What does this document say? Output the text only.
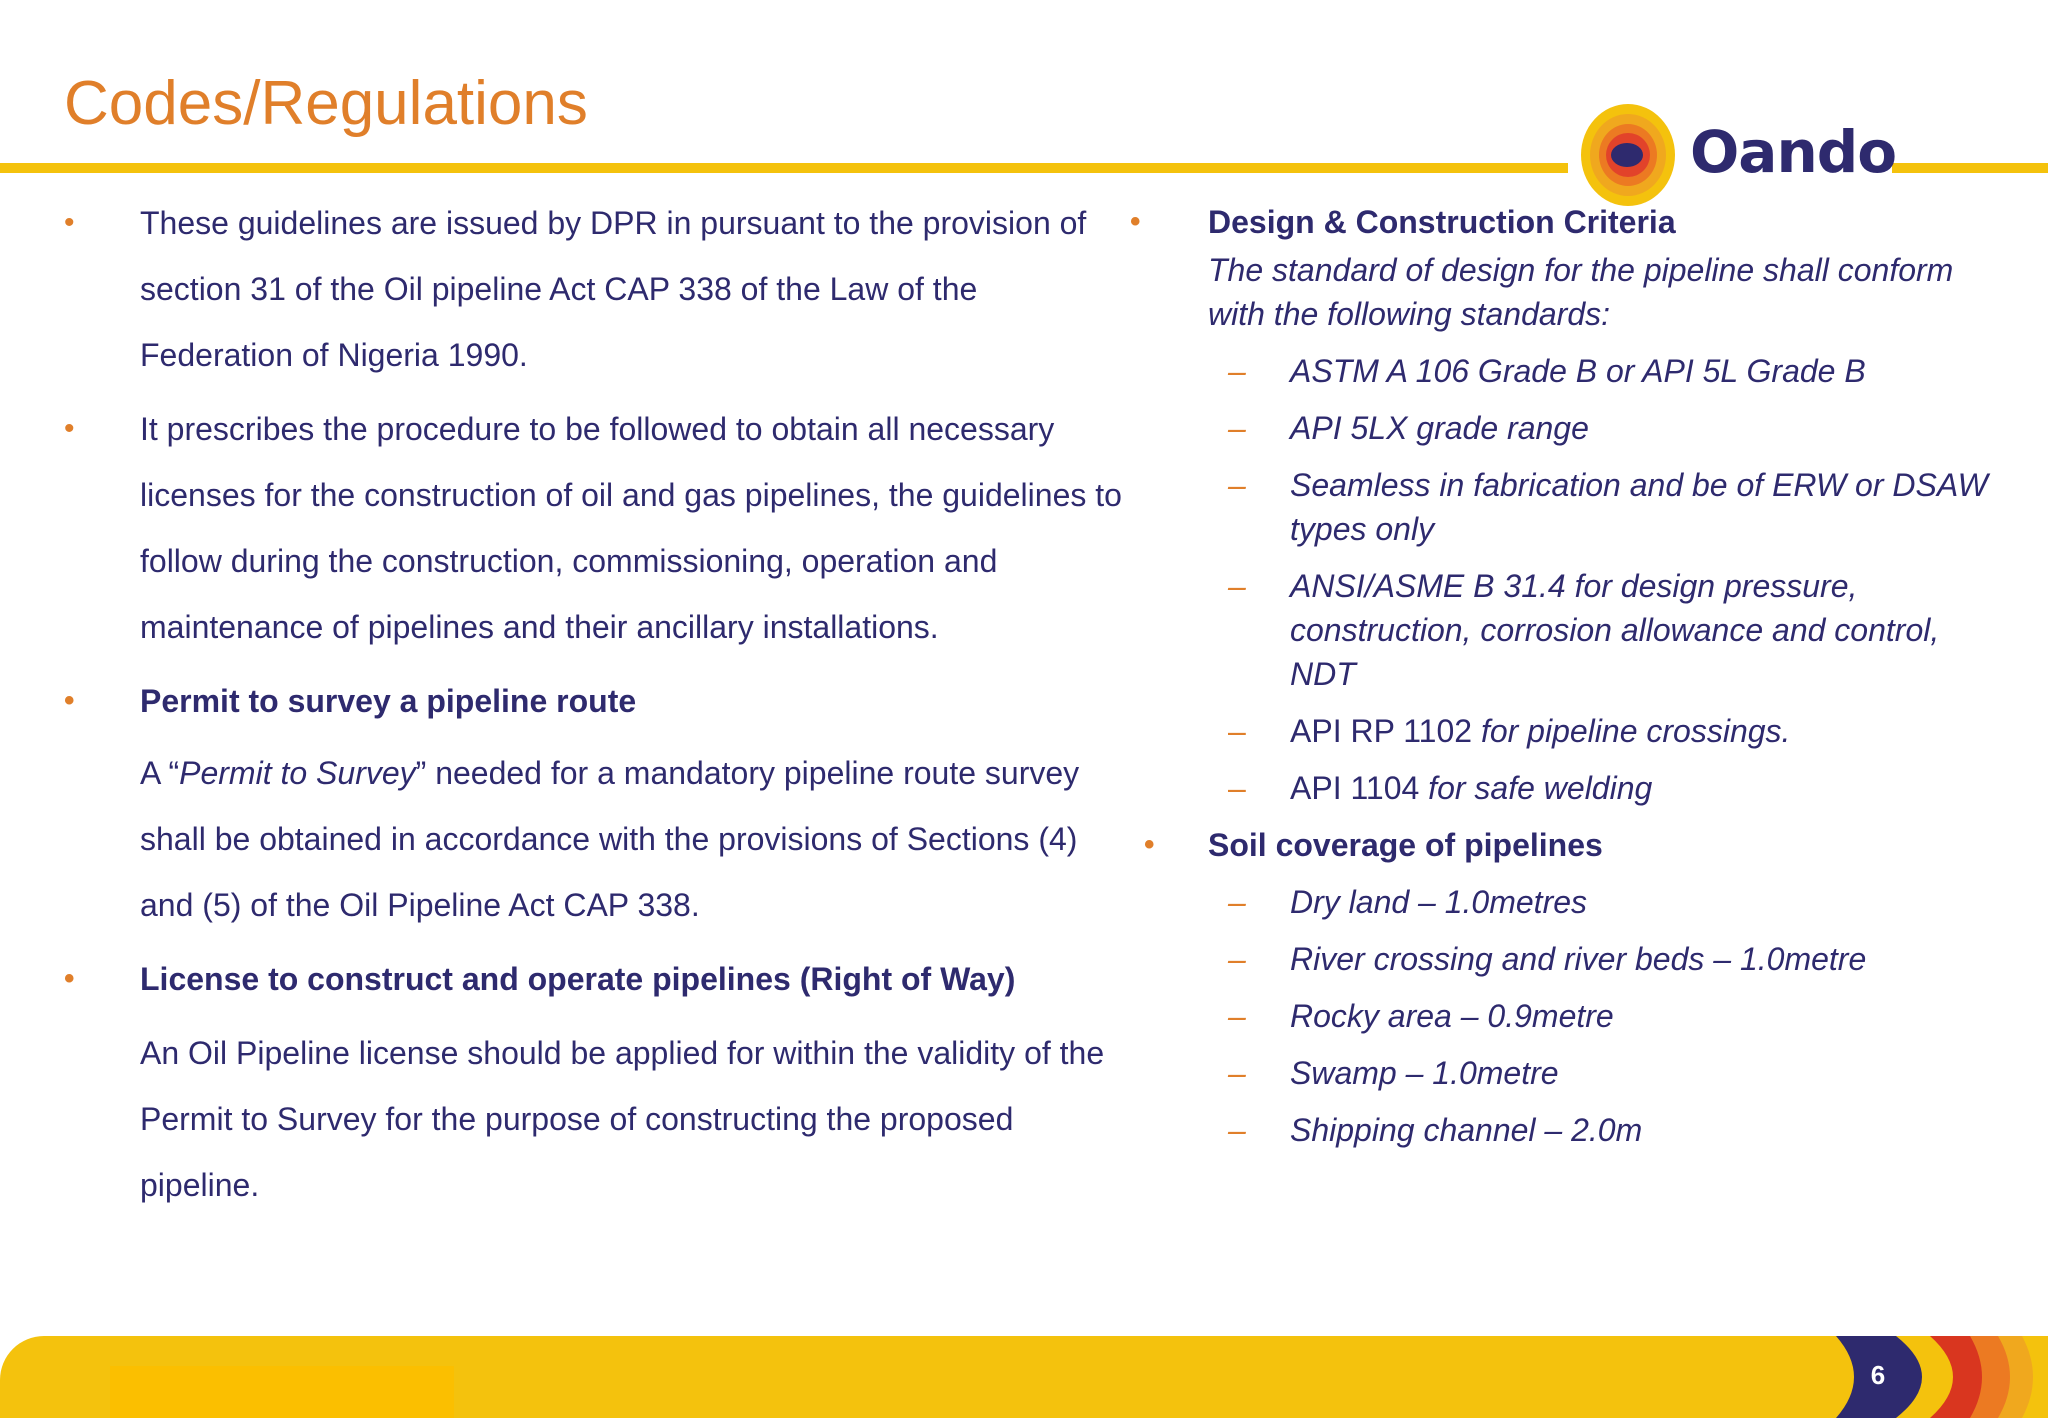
Codes/Regulations
Oando
• These guidelines are issued by DPR in pursuant to the provision of section 31 of the Oil pipeline Act CAP 338 of the Law of the Federation of Nigeria 1990.
• It prescribes the procedure to be followed to obtain all necessary licenses for the construction of oil and gas pipelines, the guidelines to follow during the construction, commissioning, operation and maintenance of pipelines and their ancillary installations.
• Permit to survey a pipeline route
A “Permit to Survey” needed for a mandatory pipeline route survey shall be obtained in accordance with the provisions of Sections (4) and (5) of the Oil Pipeline Act CAP 338.
• License to construct and operate pipelines (Right of Way)
An Oil Pipeline license should be applied for within the validity of the Permit to Survey for the purpose of constructing the proposed pipeline.
• Design & Construction Criteria
The standard of design for the pipeline shall conform with the following standards:
– ASTM A 106 Grade B or API 5L Grade B
– API 5LX grade range
– Seamless in fabrication and be of ERW or DSAW types only
– ANSI/ASME B 31.4 for design pressure, construction, corrosion allowance and control, NDT
– API RP 1102 for pipeline crossings.
– API 1104 for safe welding
• Soil coverage of pipelines
– Dry land – 1.0metres
– River crossing and river beds – 1.0metre
– Rocky area – 0.9metre
– Swamp – 1.0metre
– Shipping channel – 2.0m
6
